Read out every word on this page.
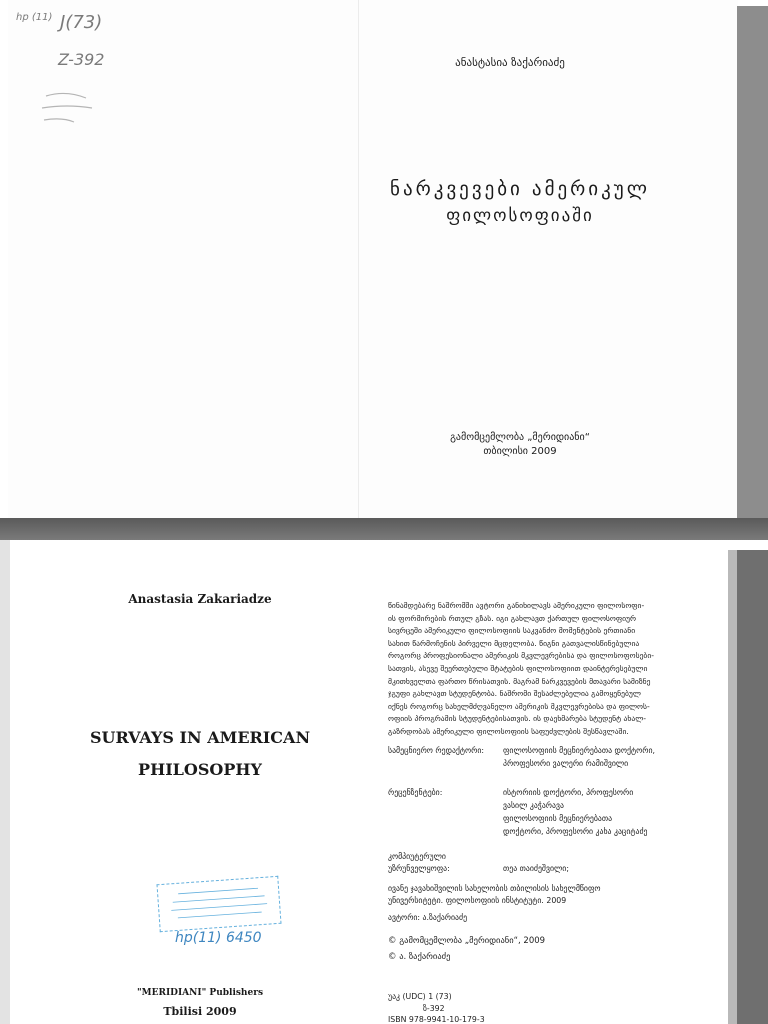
hp (11) J(73)
Z-392	ანასტასია ზაქარიაძე
ნარკვევები ამერიკულ
ფილოსოფიაში
გამომცემლობა „მერიდიანი“
თბილისი 2009
Anastasia Zakariadze
SURVAYS IN AMERICAN
PHILOSOPHY
hp(11) 6450
"MERIDIANI" Publishers
Tbilisi 2009
წინამდებარე ნაშრომში ავტორი განიხილავს ამერიკული ფილოსოფი-
ის ფორმირების რთულ გზას. იგი გახლავთ ქართულ ფილოსოფიურ
სივრცეში ამერიკული ფილოსოფიის საკვანძო მომენტების ერთიანი
სახით წარმოჩენის პირველი მცდელობა. წიგნი გათვალისწინებულია
როგორც პროფესიონალი ამერიკის მკვლევრებისა და ფილოსოფოსები-
სათვის, ასევე შეერთებული შტატების ფილოსოფიით დაინტერესებული
მკითხველთა ფართო წრისათვის. მაგრამ ნარკვევების მთავარი სამიზნე
ჯგუფი გახლავთ სტუდენტობა. ნაშრომი შესაძლებელია გამოყენებულ
იქნეს როგორც სახელმძღვანელო ამერიკის მკვლევრებისა და ფილოს-
ოფიის პროგრამის სტუდენტებისათვის. ის დაეხმარება სტუდენტ ახალ-
გაზრდობას ამერიკული ფილოსოფიის საფუძვლების შესწავლაში.
სამეცნიერო რედაქტორი: ფილოსოფიის მეცნიერებათა დოქტორი,
პროფესორი ვალერი რამიშვილი
რეცენზენტები:	ისტორიის დოქტორი, პროფესორი
ვასილ კაჭარავა
ფილოსოფიის მეცნიერებათა
დოქტორი, პროფესორი კახა კაციტაძე
კომპიუტერული
უზრუნველყოფა:	თეა თაიძეშვილი;
ივანე ჯავახიშვილის სახელობის თბილისის სახელმწიფო
უნივერსიტეტი. ფილოსოფიის ინსტიტუტი. 2009
ავტორი: ა.ზაქარიაძე
© გამომცემლობა „მერიდიანი“, 2009
© ა. ზაქარიაძე
უაკ (UDC) 1 (73)
ზ-392
ISBN 978-9941-10-179-3
